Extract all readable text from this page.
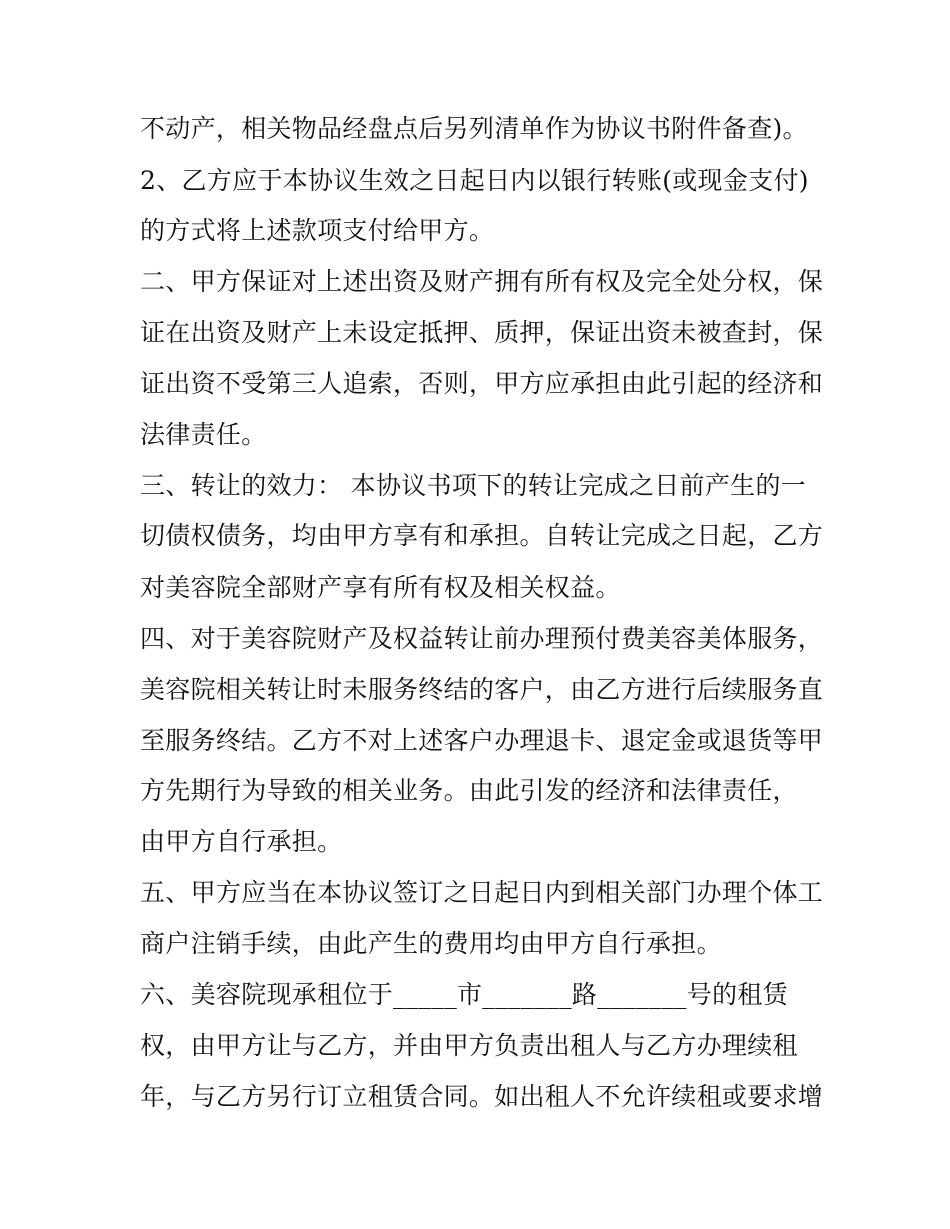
不动产，相关物品经盘点后另列清单作为协议书附件备查)。
2、乙方应于本协议生效之日起日内以银行转账(或现金支付)
的方式将上述款项支付给甲方。
二、甲方保证对上述出资及财产拥有所有权及完全处分权，保
证在出资及财产上未设定抵押、质押，保证出资未被查封，保
证出资不受第三人追索，否则，甲方应承担由此引起的经济和
法律责任。
三、转让的效力： 本协议书项下的转让完成之日前产生的一
切债权债务，均由甲方享有和承担。自转让完成之日起，乙方
对美容院全部财产享有所有权及相关权益。
四、对于美容院财产及权益转让前办理预付费美容美体服务，
美容院相关转让时未服务终结的客户，由乙方进行后续服务直
至服务终结。乙方不对上述客户办理退卡、退定金或退货等甲
方先期行为导致的相关业务。由此引发的经济和法律责任，
由甲方自行承担。
五、甲方应当在本协议签订之日起日内到相关部门办理个体工
商户注销手续，由此产生的费用均由甲方自行承担。
六、美容院现承租位于_____市_______路_______号的租赁
权，由甲方让与乙方，并由甲方负责出租人与乙方办理续租
年，与乙方另行订立租赁合同。如出租人不允许续租或要求增
